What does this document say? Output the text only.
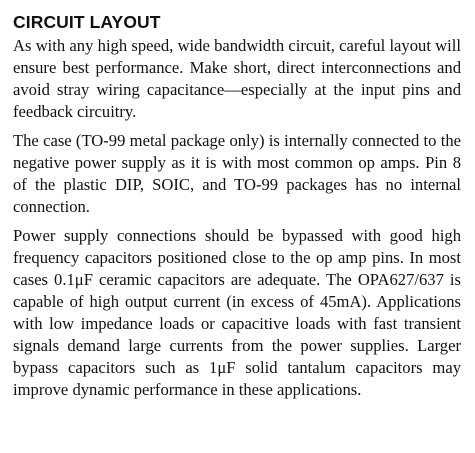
CIRCUIT LAYOUT

As with any high speed, wide bandwidth circuit, careful layout will ensure best performance. Make short, direct interconnections and avoid stray wiring capacitance—especially at the input pins and feedback circuitry.

The case (TO-99 metal package only) is internally connected to the negative power supply as it is with most common op amps. Pin 8 of the plastic DIP, SOIC, and TO-99 packages has no internal connection.

Power supply connections should be bypassed with good high frequency capacitors positioned close to the op amp pins. In most cases 0.1μF ceramic capacitors are adequate. The OPA627/637 is capable of high output current (in excess of 45mA). Applications with low impedance loads or capacitive loads with fast transient signals demand large currents from the power supplies. Larger bypass capacitors such as 1μF solid tantalum capacitors may improve dynamic performance in these applications.
